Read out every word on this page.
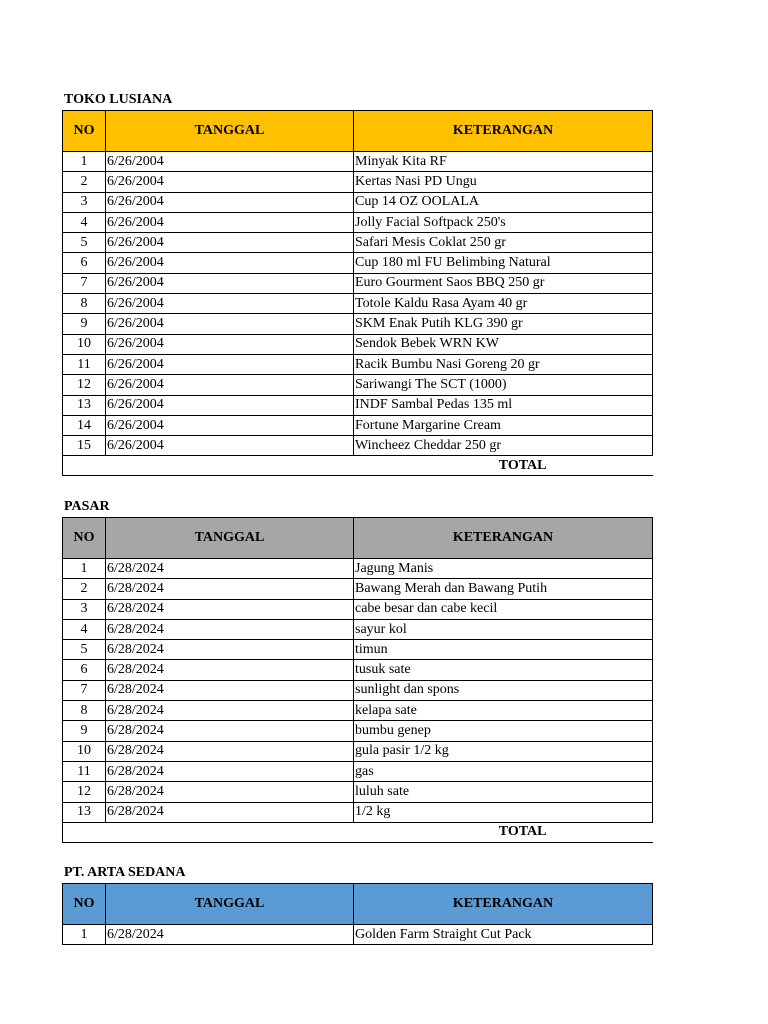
TOKO LUSIANA
NO	TANGGAL	KETERANGAN
1	6/26/2004	Minyak Kita RF
2	6/26/2004	Kertas Nasi PD Ungu
3	6/26/2004	Cup 14 OZ OOLALA
4	6/26/2004	Jolly Facial Softpack 250's
5	6/26/2004	Safari Mesis Coklat 250 gr
6	6/26/2004	Cup 180 ml FU Belimbing Natural
7	6/26/2004	Euro Gourment Saos BBQ 250 gr
8	6/26/2004	Totole Kaldu Rasa Ayam 40 gr
9	6/26/2004	SKM Enak Putih KLG 390 gr
10	6/26/2004	Sendok Bebek WRN KW
11	6/26/2004	Racik Bumbu Nasi Goreng 20 gr
12	6/26/2004	Sariwangi The SCT (1000)
13	6/26/2004	INDF Sambal Pedas 135 ml
14	6/26/2004	Fortune Margarine Cream
15	6/26/2004	Wincheez Cheddar 250 gr
TOTAL		
PASAR
NO	TANGGAL	KETERANGAN
1	6/28/2024	Jagung Manis
2	6/28/2024	Bawang Merah dan Bawang Putih
3	6/28/2024	cabe besar dan cabe kecil
4	6/28/2024	sayur kol
5	6/28/2024	timun
6	6/28/2024	tusuk sate
7	6/28/2024	sunlight dan spons
8	6/28/2024	kelapa sate
9	6/28/2024	bumbu genep
10	6/28/2024	gula pasir 1/2 kg
11	6/28/2024	gas
12	6/28/2024	luluh sate
13	6/28/2024	1/2 kg
TOTAL		
PT. ARTA SEDANA
NO	TANGGAL	KETERANGAN
1	6/28/2024	Golden Farm Straight Cut Pack
